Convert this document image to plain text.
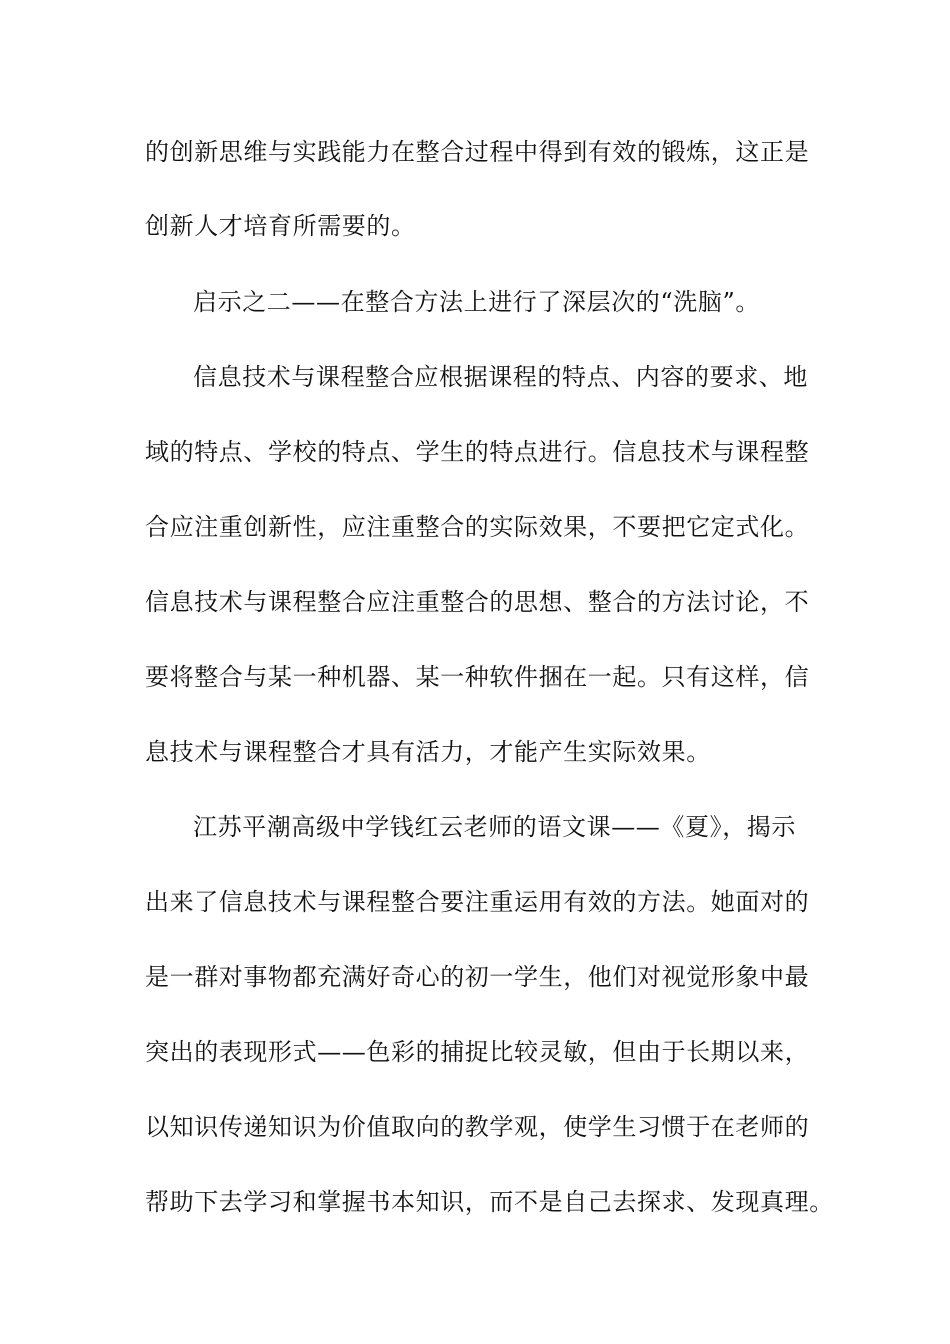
的创新思维与实践能力在整合过程中得到有效的锻炼，这正是
创新人才培育所需要的。
启示之二——在整合方法上进行了深层次的“洗脑”。
信息技术与课程整合应根据课程的特点、内容的要求、地
域的特点、学校的特点、学生的特点进行。信息技术与课程整
合应注重创新性，应注重整合的实际效果，不要把它定式化。
信息技术与课程整合应注重整合的思想、整合的方法讨论，不
要将整合与某一种机器、某一种软件捆在一起。只有这样，信
息技术与课程整合才具有活力，才能产生实际效果。
江苏平潮高级中学钱红云老师的语文课——《夏》，揭示
出来了信息技术与课程整合要注重运用有效的方法。她面对的
是一群对事物都充满好奇心的初一学生，他们对视觉形象中最
突出的表现形式——色彩的捕捉比较灵敏，但由于长期以来，
以知识传递知识为价值取向的教学观，使学生习惯于在老师的
帮助下去学习和掌握书本知识，而不是自己去探求、发现真理。
